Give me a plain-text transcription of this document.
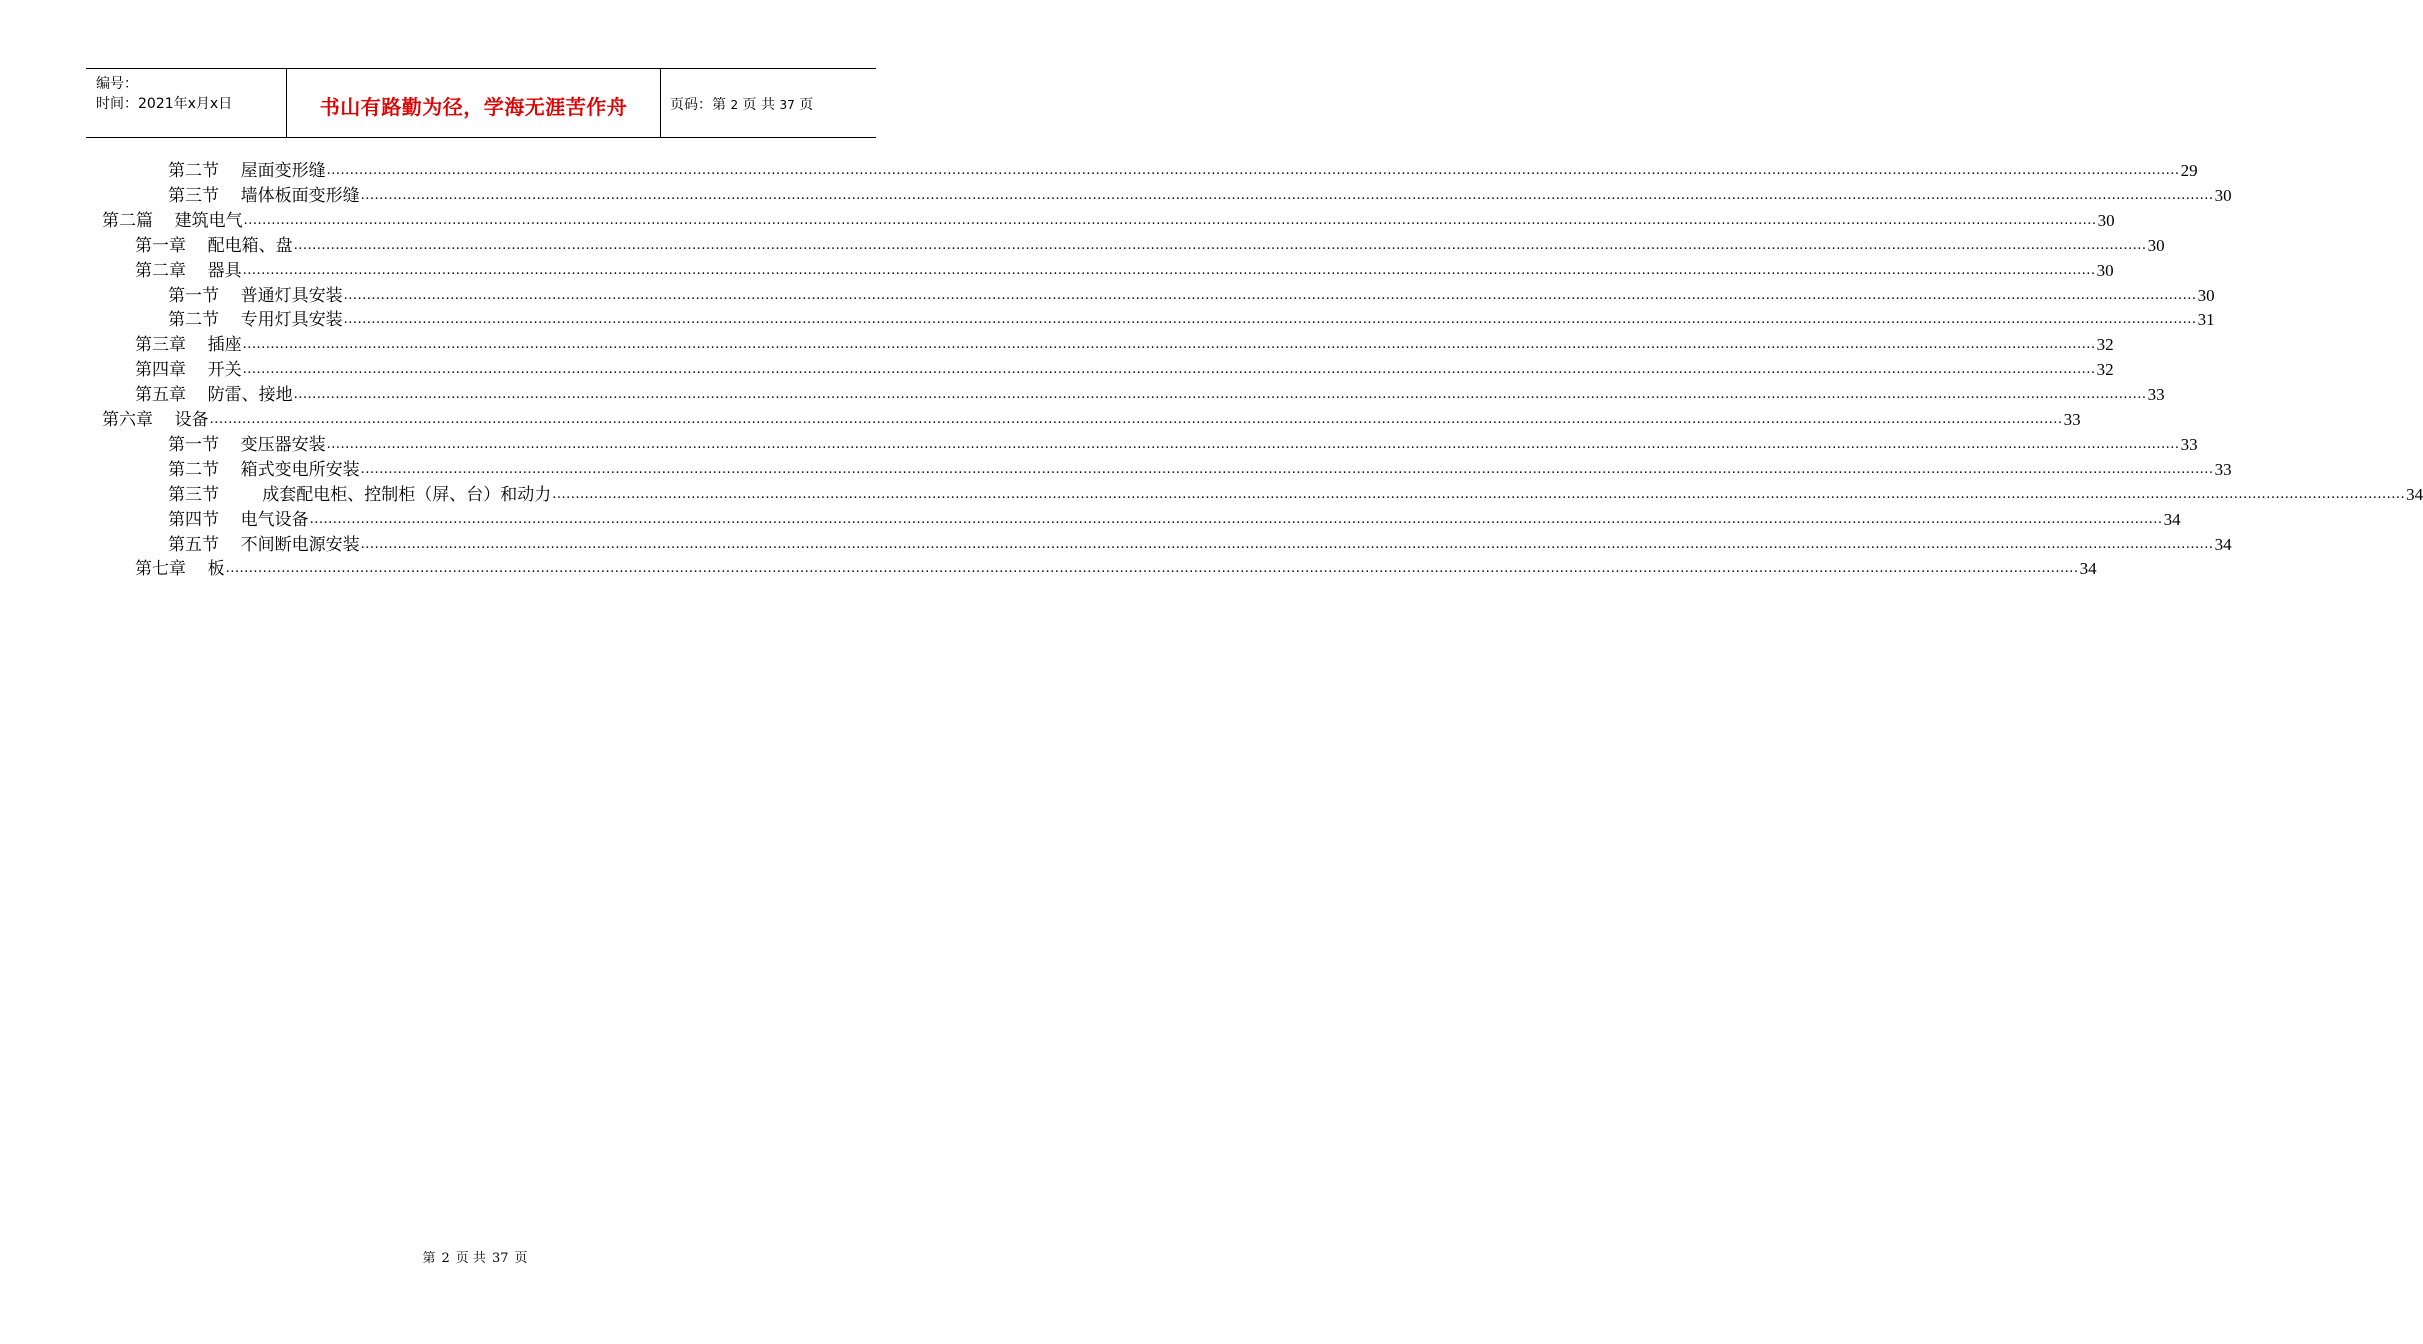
编号：
时间：2021年x月x日	书山有路勤为径，学海无涯苦作舟	页码：第 2 页 共 37 页
第二节    屋面变形缝 ................................................................................................................................................................................................................................................................................................................................................................................................................ 29
第三节    墙体板面变形缝 ................................................................................................................................................................................................................................................................................................................................................................................................................ 30
第二篇    建筑电气 ................................................................................................................................................................................................................................................................................................................................................................................................................ 30
第一章    配电箱、盘 ................................................................................................................................................................................................................................................................................................................................................................................................................ 30
第二章    器具 ................................................................................................................................................................................................................................................................................................................................................................................................................ 30
第一节    普通灯具安装 ................................................................................................................................................................................................................................................................................................................................................................................................................ 30
第二节    专用灯具安装 ................................................................................................................................................................................................................................................................................................................................................................................................................ 31
第三章    插座 ................................................................................................................................................................................................................................................................................................................................................................................................................ 32
第四章    开关 ................................................................................................................................................................................................................................................................................................................................................................................................................ 32
第五章    防雷、接地 ................................................................................................................................................................................................................................................................................................................................................................................................................ 33
第六章    设备 ................................................................................................................................................................................................................................................................................................................................................................................................................ 33
第一节    变压器安装 ................................................................................................................................................................................................................................................................................................................................................................................................................ 33
第二节    箱式变电所安装 ................................................................................................................................................................................................................................................................................................................................................................................................................ 33
第三节        成套配电柜、控制柜（屏、台）和动力 ................................................................................................................................................................................................................................................................................................................................................................................................................ 34
第四节    电气设备 ................................................................................................................................................................................................................................................................................................................................................................................................................ 34
第五节    不间断电源安装 ................................................................................................................................................................................................................................................................................................................................................................................................................ 34
第七章    板 ................................................................................................................................................................................................................................................................................................................................................................................................................ 34
第 2 页 共 37 页
